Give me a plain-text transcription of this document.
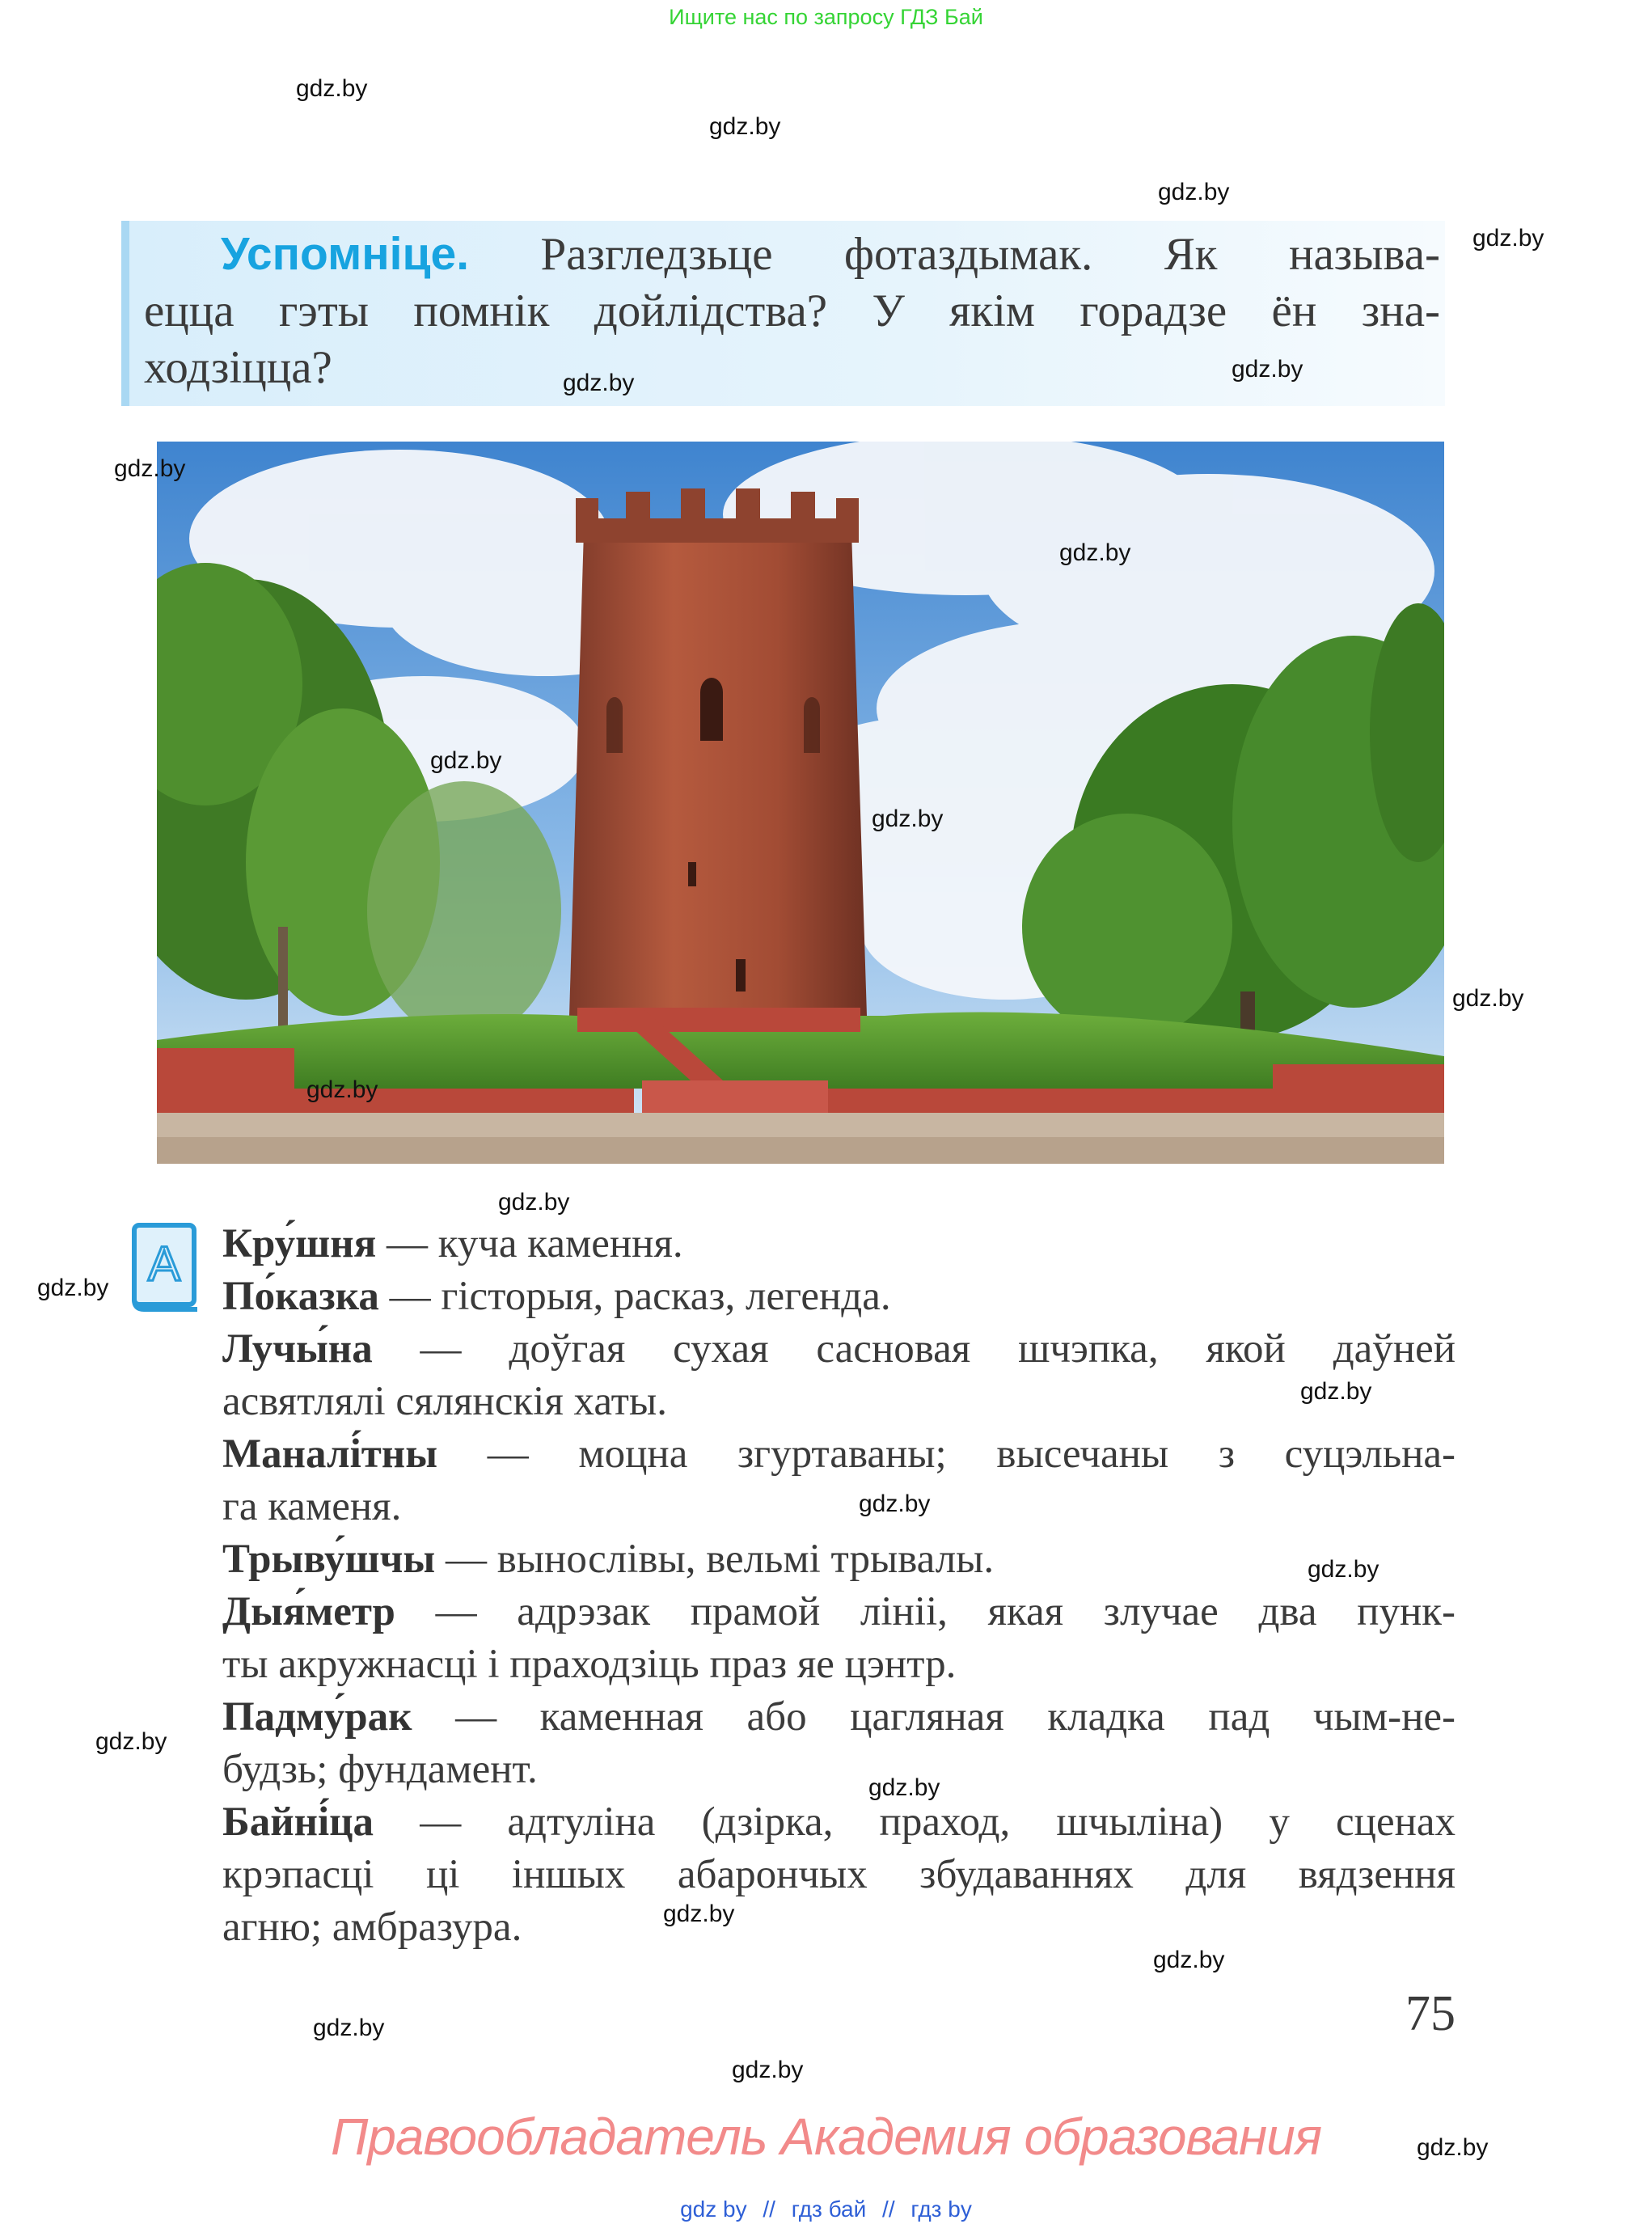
Ищите нас по запросу ГДЗ Бай
Успомніце. Разгледзьце фотаздымак. Як называ-
ецца гэты помнік дойлідства? У якім горадзе ён зна-
ходзіцца?
A Кру́шня — куча камення.
По́казка — гісторыя, расказ, легенда.
Лучы́на — доўгая сухая сасновая шчэпка, якой даўней
асвятлялі сялянскія хаты.
Маналі́тны — моцна згуртаваны; высечаны з суцэльна-
га каменя.
Трыву́шчы — вынослівы, вельмі трывалы.
Дыя́метр — адрэзак прамой лініі, якая злучае два пунк-
ты акружнасці і праходзіць праз яе цэнтр.
Падму́рак — каменная або цагляная кладка пад чым-не-
будзь; фундамент.
Байні́ца — адтуліна (дзірка, праход, шчыліна) у сценах
крэпасці ці іншых абарончых збудаваннях для вядзення
агню; амбразура.
75
Правообладатель Академия образования
gdz by // гдз бай // гдз by
gdz.by
gdz.by
gdz.by
gdz.by
gdz.by
gdz.by
gdz.by
gdz.by
gdz.by
gdz.by
gdz.by
gdz.by
gdz.by
gdz.by
gdz.by
gdz.by
gdz.by
gdz.by
gdz.by
gdz.by
gdz.by
gdz.by
gdz.by
gdz.by
